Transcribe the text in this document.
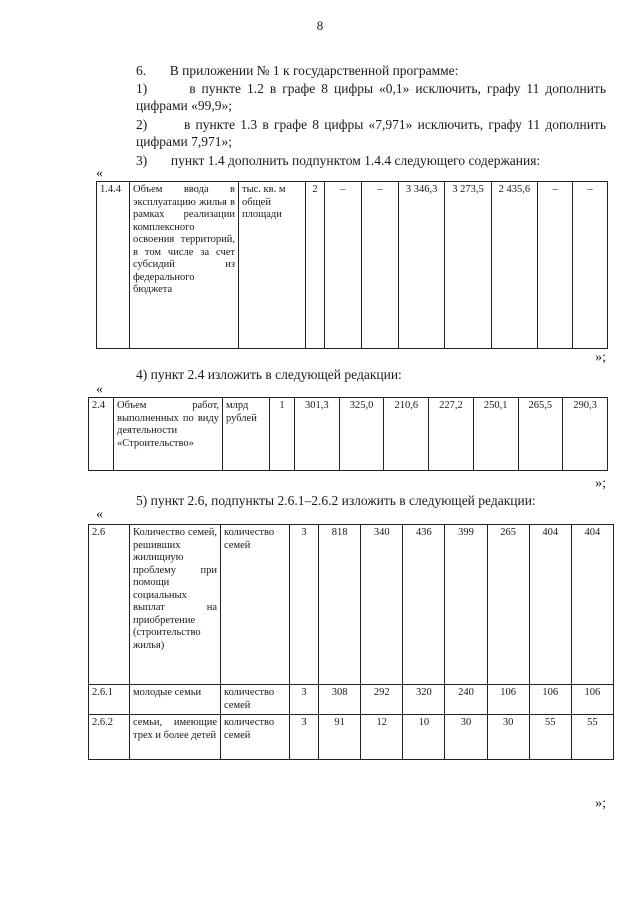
8
6.       В приложении № 1 к государственной программе:
1)       в пункте 1.2 в графе 8 цифры «0,1» исключить, графу 11 дополнить цифрами «99,9»;
2)       в пункте 1.3 в графе 8 цифры «7,971» исключить, графу 11 дополнить цифрами 7,971»;
3)       пункт 1.4 дополнить подпунктом 1.4.4 следующего содержания:
«
1.4.4	Объем ввода в эксплуатацию жилья в рамках реализации комплексного освоения территорий, в том числе за счет субсидий из федерального бюджета	тыс. кв. м общей площади	2	–	–	3 346,3	3 273,5	2 435,6	–	–
»;
4) пункт 2.4 изложить в следующей редакции:
«
2.4	Объем работ, выполненных по виду деятельности «Строительство»	млрд рублей	1	301,3	325,0	210,6	227,2	250,1	265,5	290,3
»;
5) пункт 2.6, подпункты 2.6.1–2.6.2 изложить в следующей редакции:
«
2.6	Количество семей, решивших жилищную проблему при помощи социальных выплат на приобретение (строительство жилья)	количество семей	3	818	340	436	399	265	404	404
2.6.1	молодые семьи	количество семей	3	308	292	320	240	106	106	106
2.6.2	семьи, имеющие трех и более детей	количество семей	3	91	12	10	30	30	55	55
»;
